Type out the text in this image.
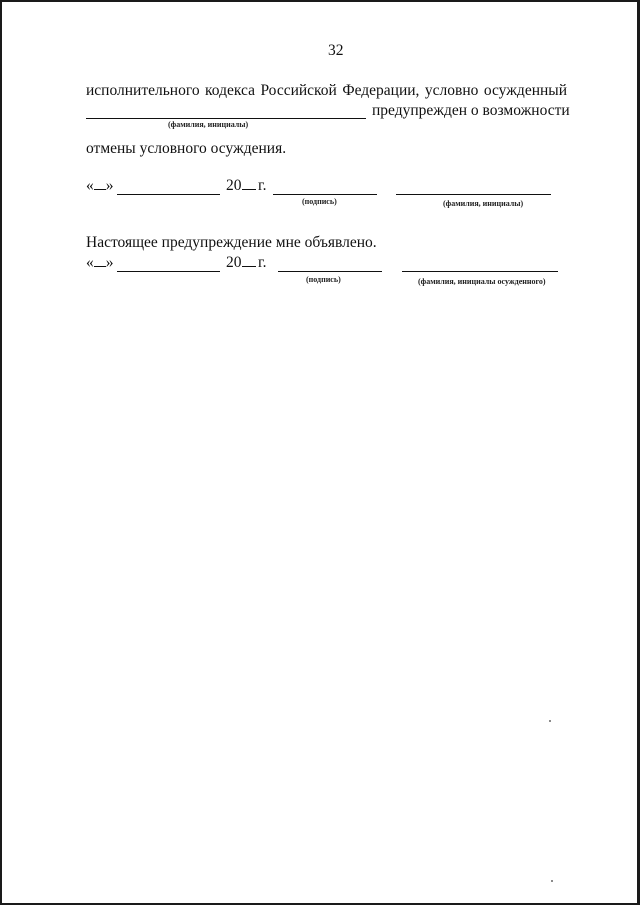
32
исполнительного кодекса Российской Федерации, условно осужденный
предупрежден о возможности
(фамилия, инициалы)
отмены условного осуждения.
« »	20	г.
(подпись)	(фамилия, инициалы)
Настоящее предупреждение мне объявлено.
« »	20	г.
(подпись)	(фамилия, инициалы осужденного)
